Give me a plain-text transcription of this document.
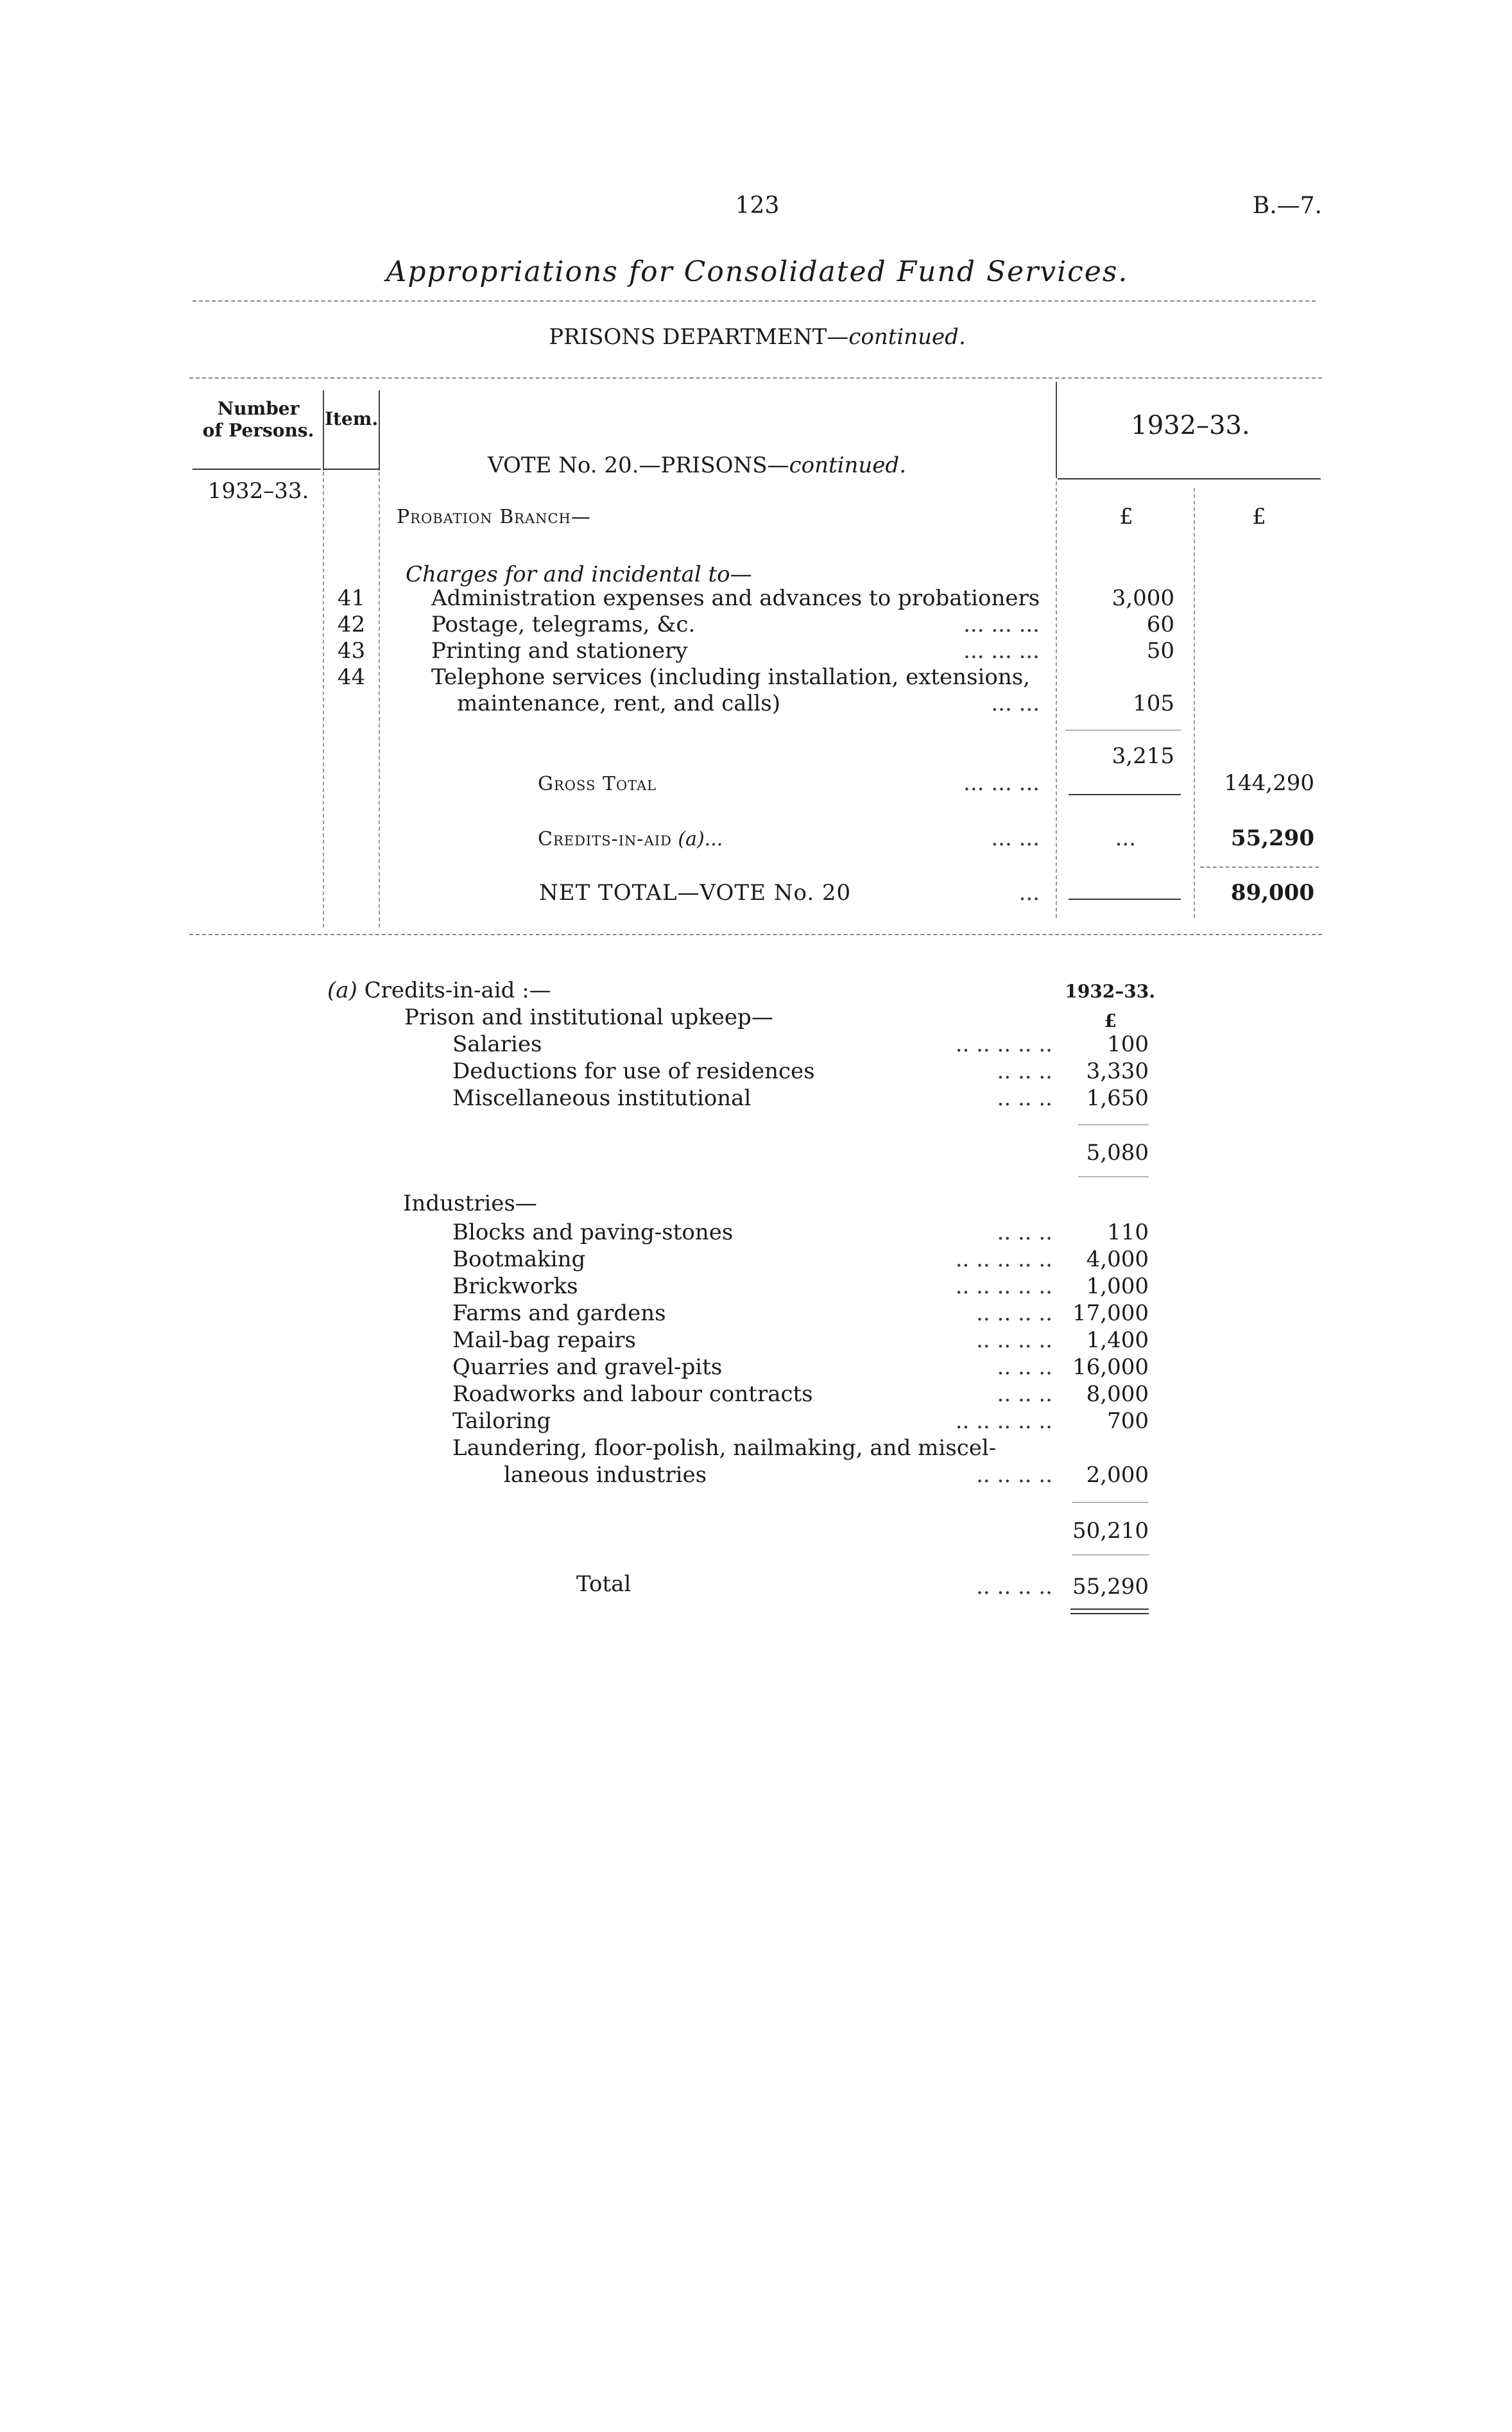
123	B.—7.
Appropriations for Consolidated Fund Services.
PRISONS DEPARTMENT—continued.
Number
of Persons.
Item.	1932–33.
1932–33.
VOTE No. 20.—PRISONS—continued.
£	£
Probation Branch—
Charges for and incidental to—
41	Administration expenses and advances to probationers	3,000
42	Postage, telegrams, &c.	... ... ...	60
43	Printing and stationery	... ... ...	50
44	Telephone services (including installation, extensions,
maintenance, rent, and calls)	... ...	105
3,215
Gross Total	... ... ...	144,290
Credits-in-aid (a)...	... ...	...	55,290
NET TOTAL—VOTE No. 20	...	89,000
(a) Credits-in-aid :—	1932–33.
£
Prison and institutional upkeep—
Salaries	.. .. .. .. ..	100
Deductions for use of residences	.. .. ..	3,330
Miscellaneous institutional	.. .. ..	1,650
5,080
Industries—
Blocks and paving-stones	.. .. ..	110
Bootmaking	.. .. .. .. ..	4,000
Brickworks	.. .. .. .. ..	1,000
Farms and gardens	.. .. .. .. 17,000
Mail-bag repairs	.. .. .. ..	1,400
Quarries and gravel-pits	.. .. .. 16,000
Roadworks and labour contracts	.. .. ..	8,000
Tailoring	.. .. .. .. ..	700
Laundering, floor-polish, nailmaking, and miscel-
laneous industries	.. .. .. ..	2,000
50,210
Total	.. .. .. .. 55,290
